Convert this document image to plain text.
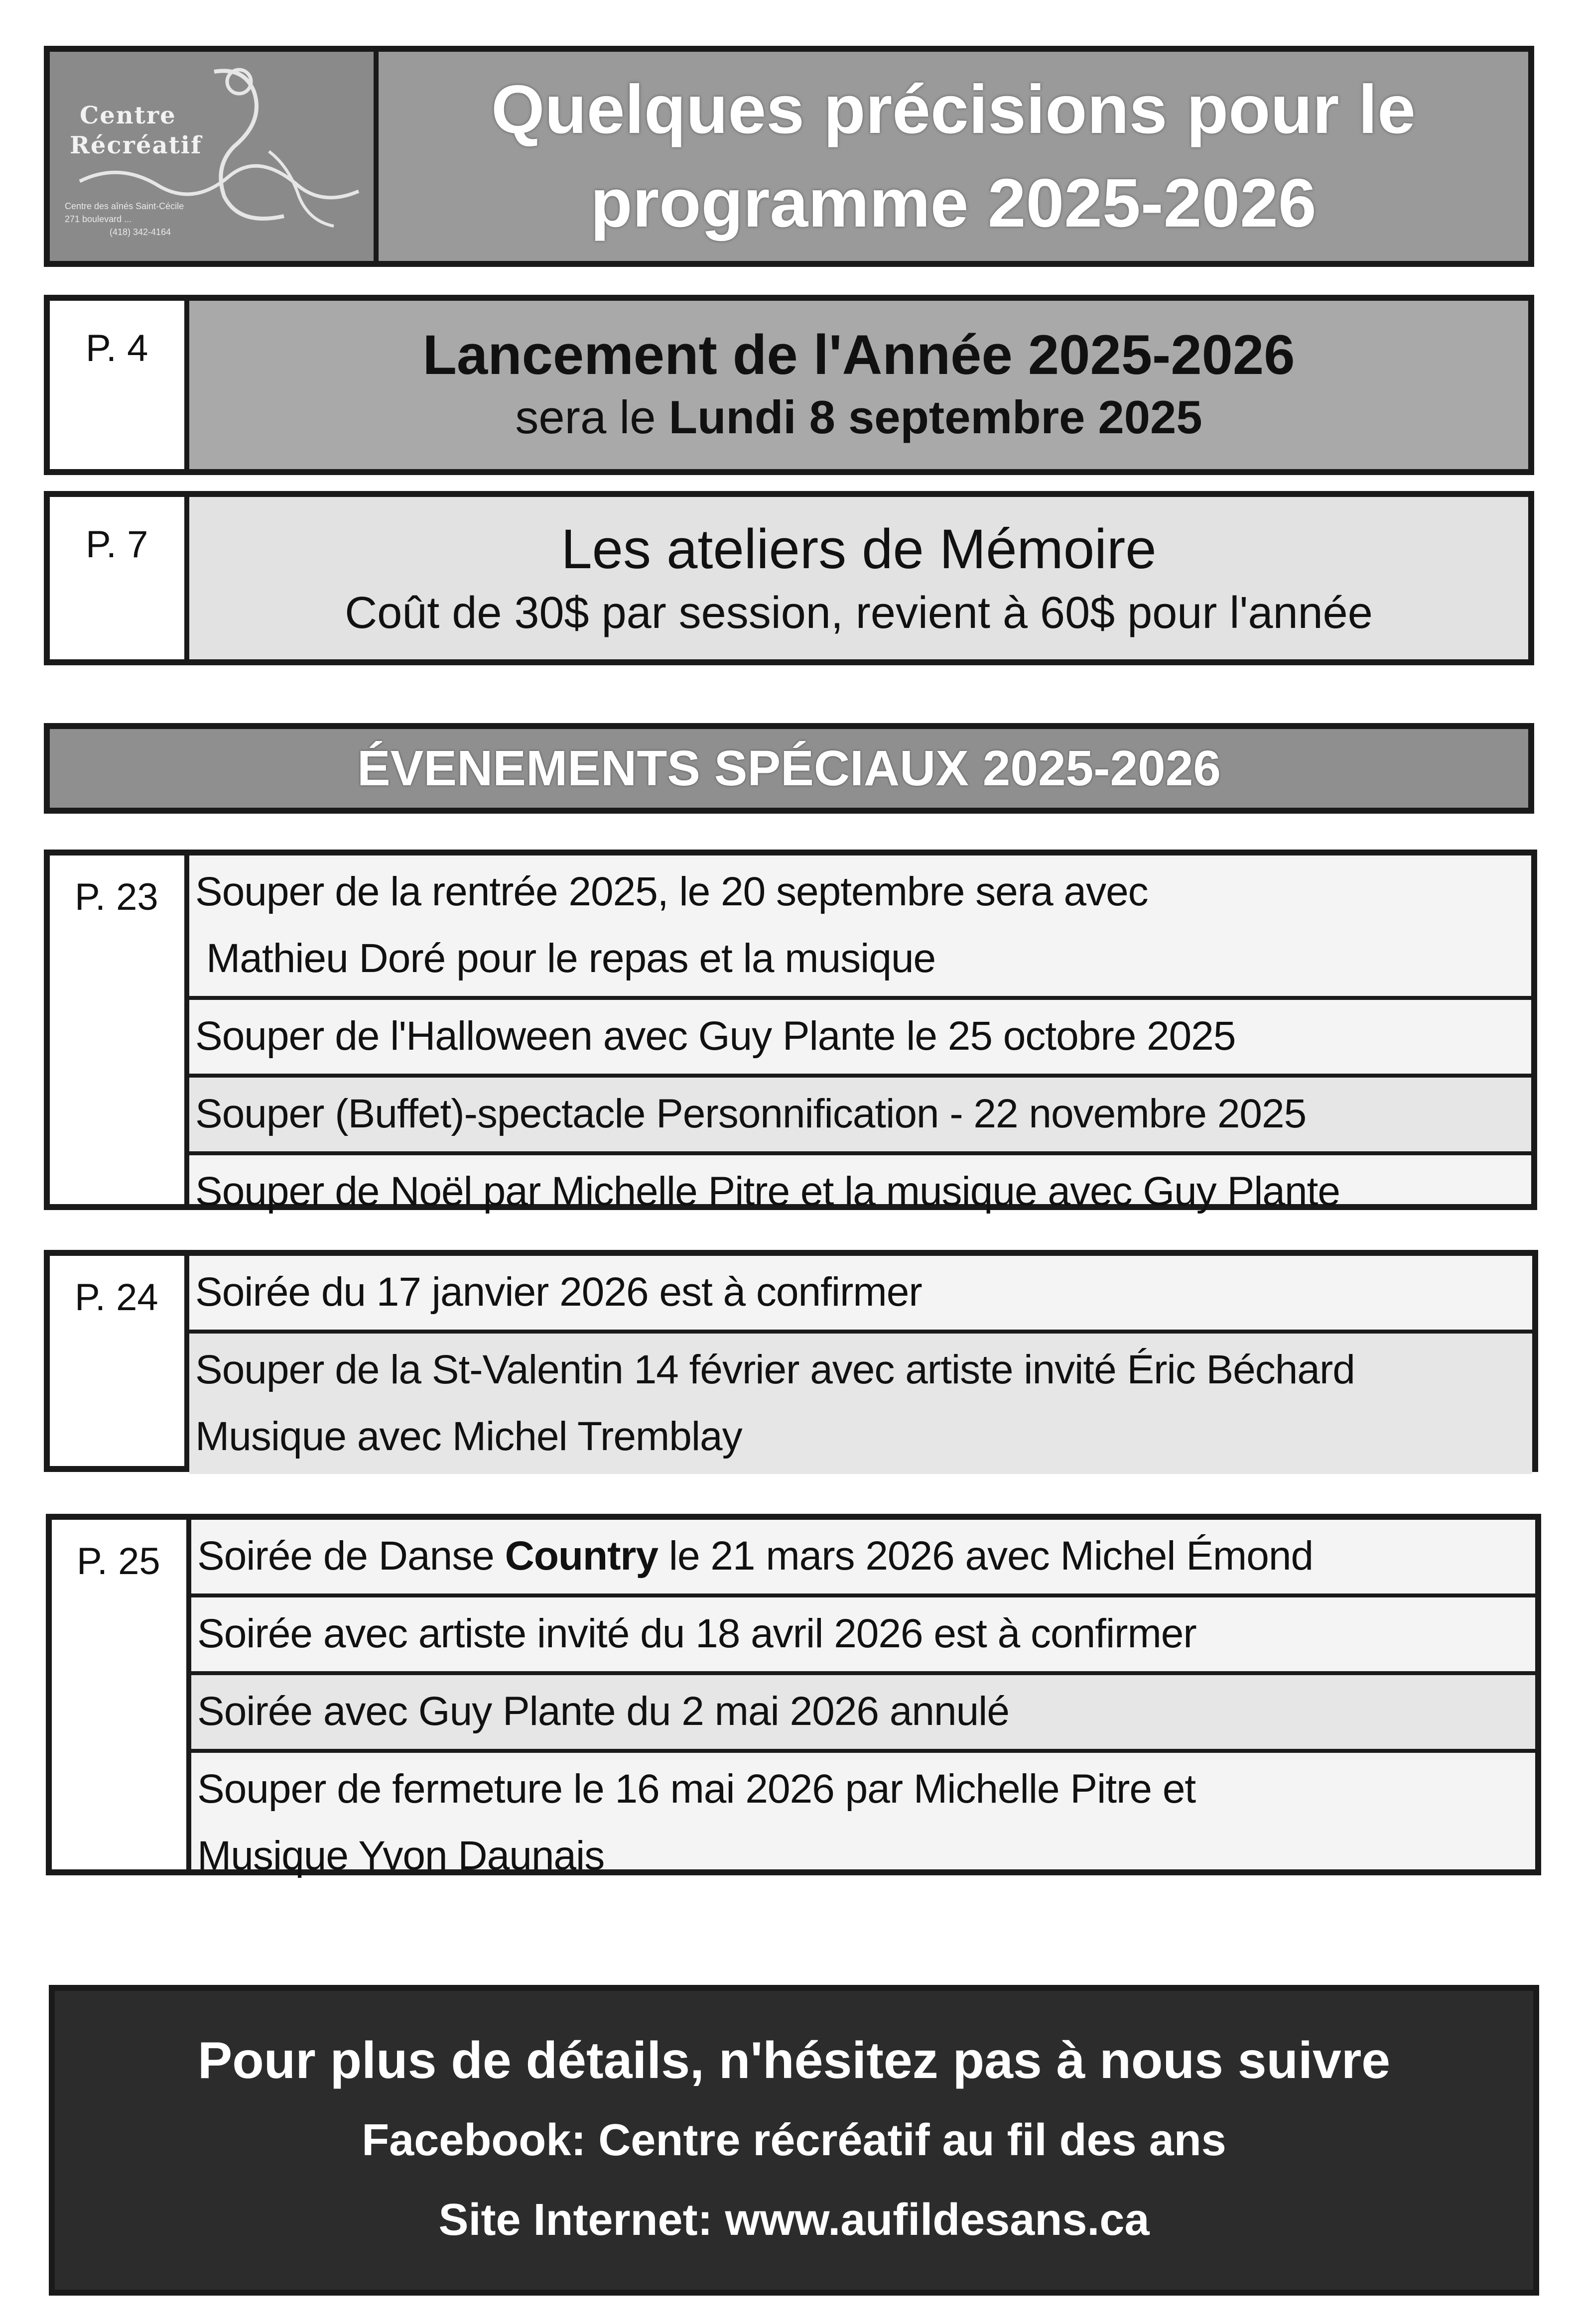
Centre
Récréatif
Centre des aînés Saint-Cécile
271 boulevard ...
(418) 342-4164
Quelques précisions pour le programme 2025-2026
P. 4	Lancement de l'Année 2025-2026
sera le Lundi 8 septembre 2025
P. 7	Les ateliers de Mémoire
Coût de 30$ par session, revient à 60$ pour l'année
ÉVENEMENTS SPÉCIAUX 2025-2026
P. 23 Souper de la rentrée 2025, le 20 septembre sera avec
Mathieu Doré pour le repas et la musique
Souper de l'Halloween avec Guy Plante le 25 octobre 2025
Souper (Buffet)-spectacle Personnification - 22 novembre 2025
Souper de Noël par Michelle Pitre et la musique avec Guy Plante
P. 24 Soirée du 17 janvier 2026 est à confirmer
Souper de la St-Valentin 14 février avec artiste invité Éric Béchard
Musique avec Michel Tremblay
P. 25 Soirée de Danse Country le 21 mars 2026 avec Michel Émond
Soirée avec artiste invité du 18 avril 2026 est à confirmer
Soirée avec Guy Plante du 2 mai 2026 annulé
Souper de fermeture le 16 mai 2026 par Michelle Pitre et
Musique Yvon Daunais
Pour plus de détails, n'hésitez pas à nous suivre
Facebook: Centre récréatif au fil des ans
Site Internet: www.aufildesans.ca
